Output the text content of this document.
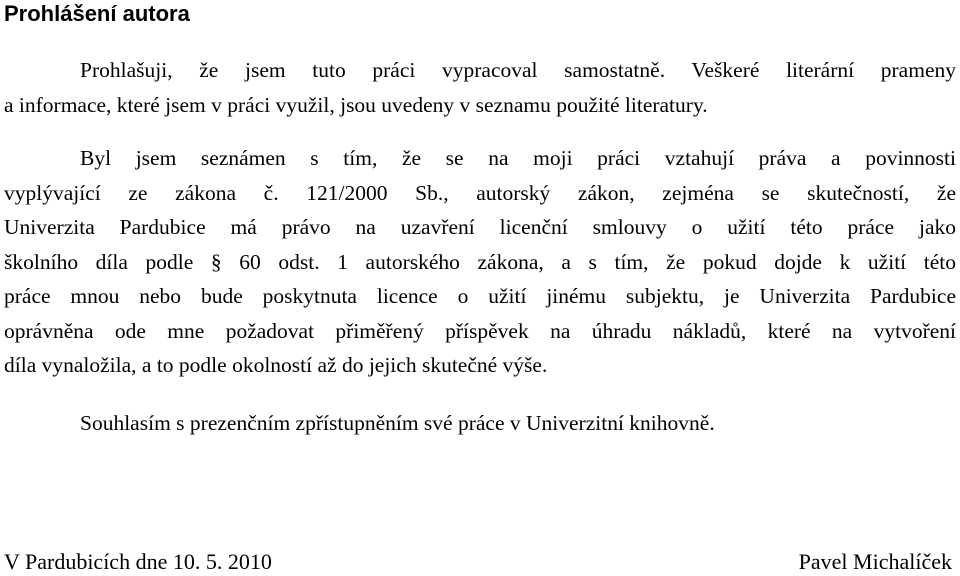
Prohlášení autora
Prohlašuji, že jsem tuto práci vypracoval samostatně. Veškeré literární prameny
a informace, které jsem v práci využil, jsou uvedeny v seznamu použité literatury.
Byl jsem seznámen s tím, že se na moji práci vztahují práva a povinnosti
vyplývající ze zákona č. 121/2000 Sb., autorský zákon, zejména se skutečností, že
Univerzita Pardubice má právo na uzavření licenční smlouvy o užití této práce jako
školního díla podle § 60 odst. 1 autorského zákona, a s tím, že pokud dojde k užití této
práce mnou nebo bude poskytnuta licence o užití jinému subjektu, je Univerzita Pardubice
oprávněna ode mne požadovat přiměřený příspěvek na úhradu nákladů, které na vytvoření
díla vynaložila, a to podle okolností až do jejich skutečné výše.
Souhlasím s prezenčním zpřístupněním své práce v Univerzitní knihovně.
V Pardubicích dne 10. 5. 2010	Pavel Michalíček
